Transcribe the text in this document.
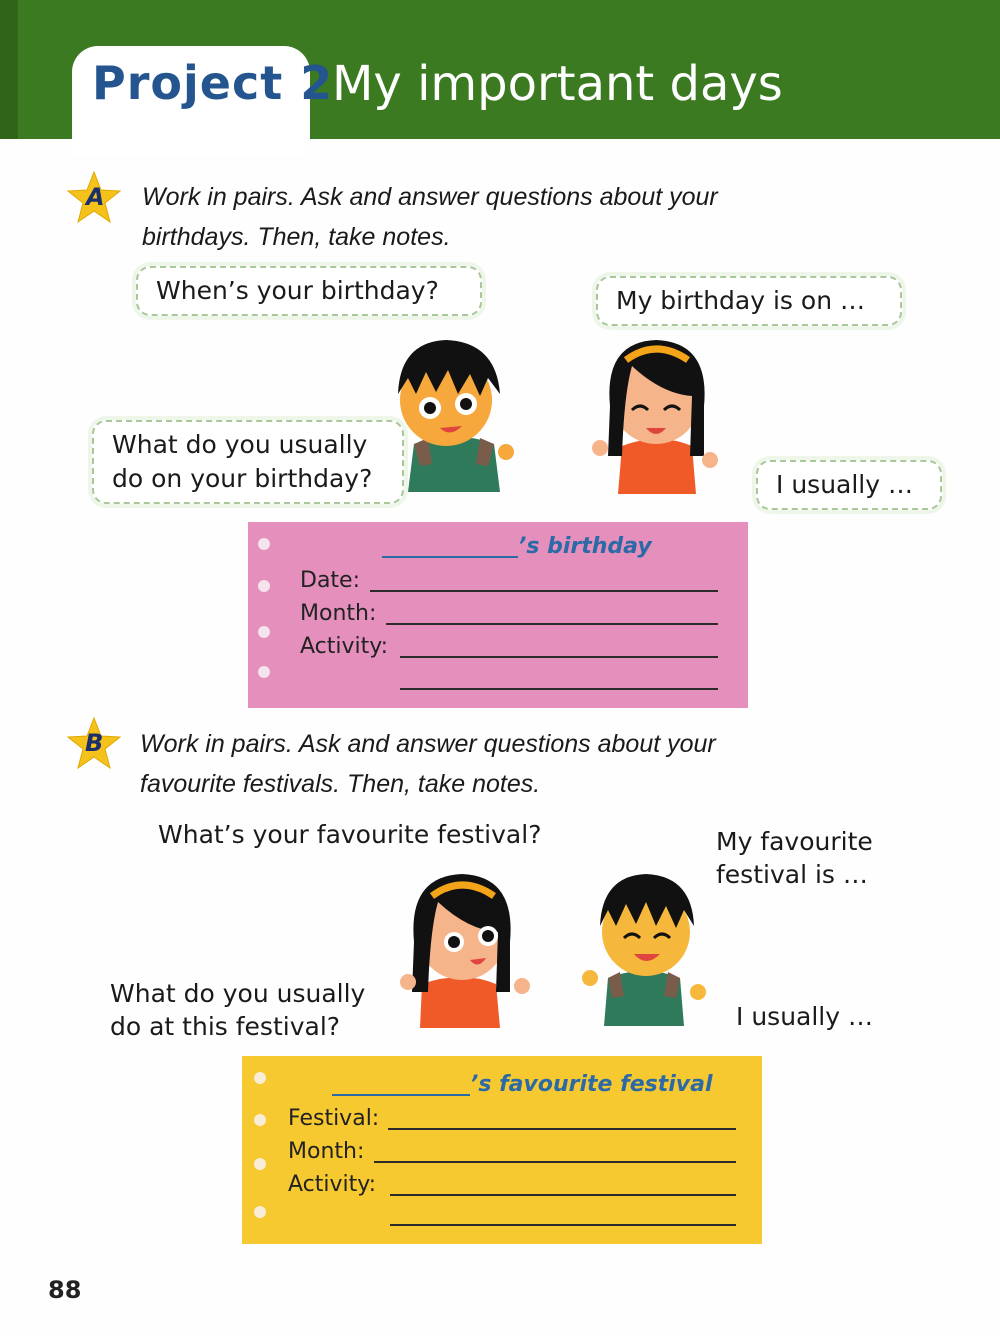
Project 2
My important days
A Work in pairs. Ask and answer questions about your
birthdays. Then, take notes.
When’s your birthday?	My birthday is on …
What do you usually
do on your birthday?	I usually …
’s birthday
Date:
Month:
Activity:
B Work in pairs. Ask and answer questions about your
favourite festivals. Then, take notes.
What’s your favourite festival?	My favourite
festival is …
What do you usually
do at this festival?	I usually …
’s favourite festival
Festival:
Month:
Activity:
88
